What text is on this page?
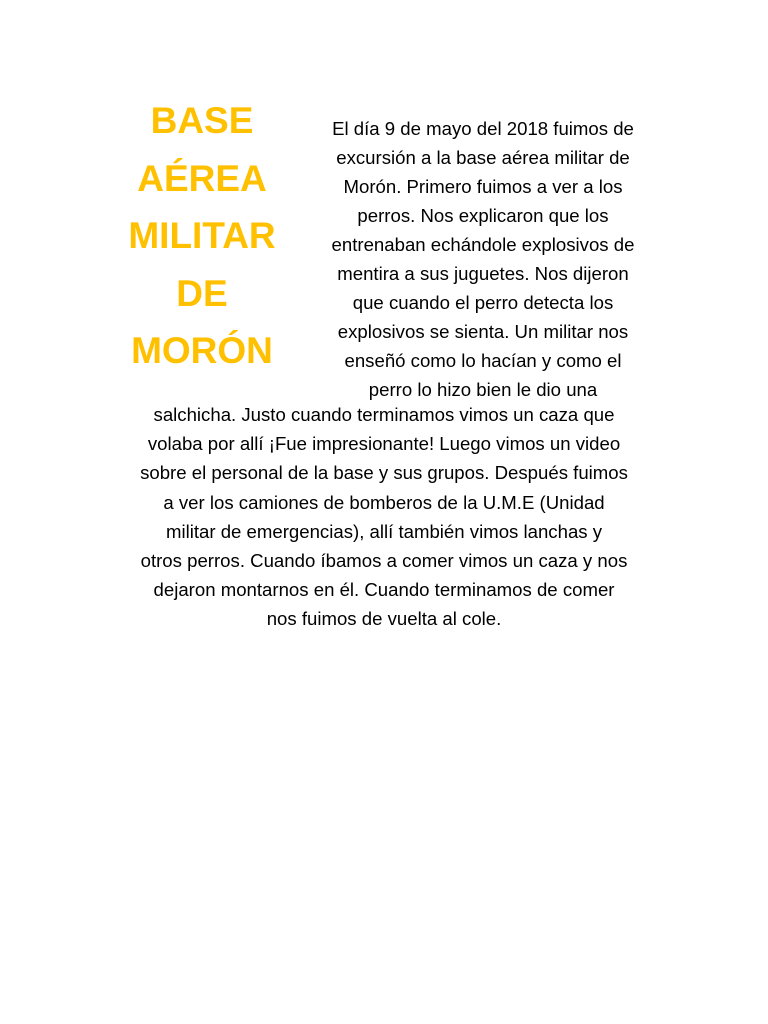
BASE
AÉREA
MILITAR
DE
MORÓN

El día 9 de mayo del 2018 fuimos de
excursión a la base aérea militar de
Morón. Primero fuimos a ver a los
perros. Nos explicaron que los
entrenaban echándole explosivos de
mentira a sus juguetes. Nos dijeron
que cuando el perro detecta los
explosivos se sienta. Un militar nos
enseñó como lo hacían y como el
perro lo hizo bien le dio una

salchicha. Justo cuando terminamos vimos un caza que
volaba por allí ¡Fue impresionante! Luego vimos un video
sobre el personal de la base y sus grupos. Después fuimos
a ver los camiones de bomberos de la U.M.E (Unidad
militar de emergencias), allí también vimos lanchas y
otros perros. Cuando íbamos a comer vimos un caza y nos
dejaron montarnos en él. Cuando terminamos de comer
nos fuimos de vuelta al cole.
